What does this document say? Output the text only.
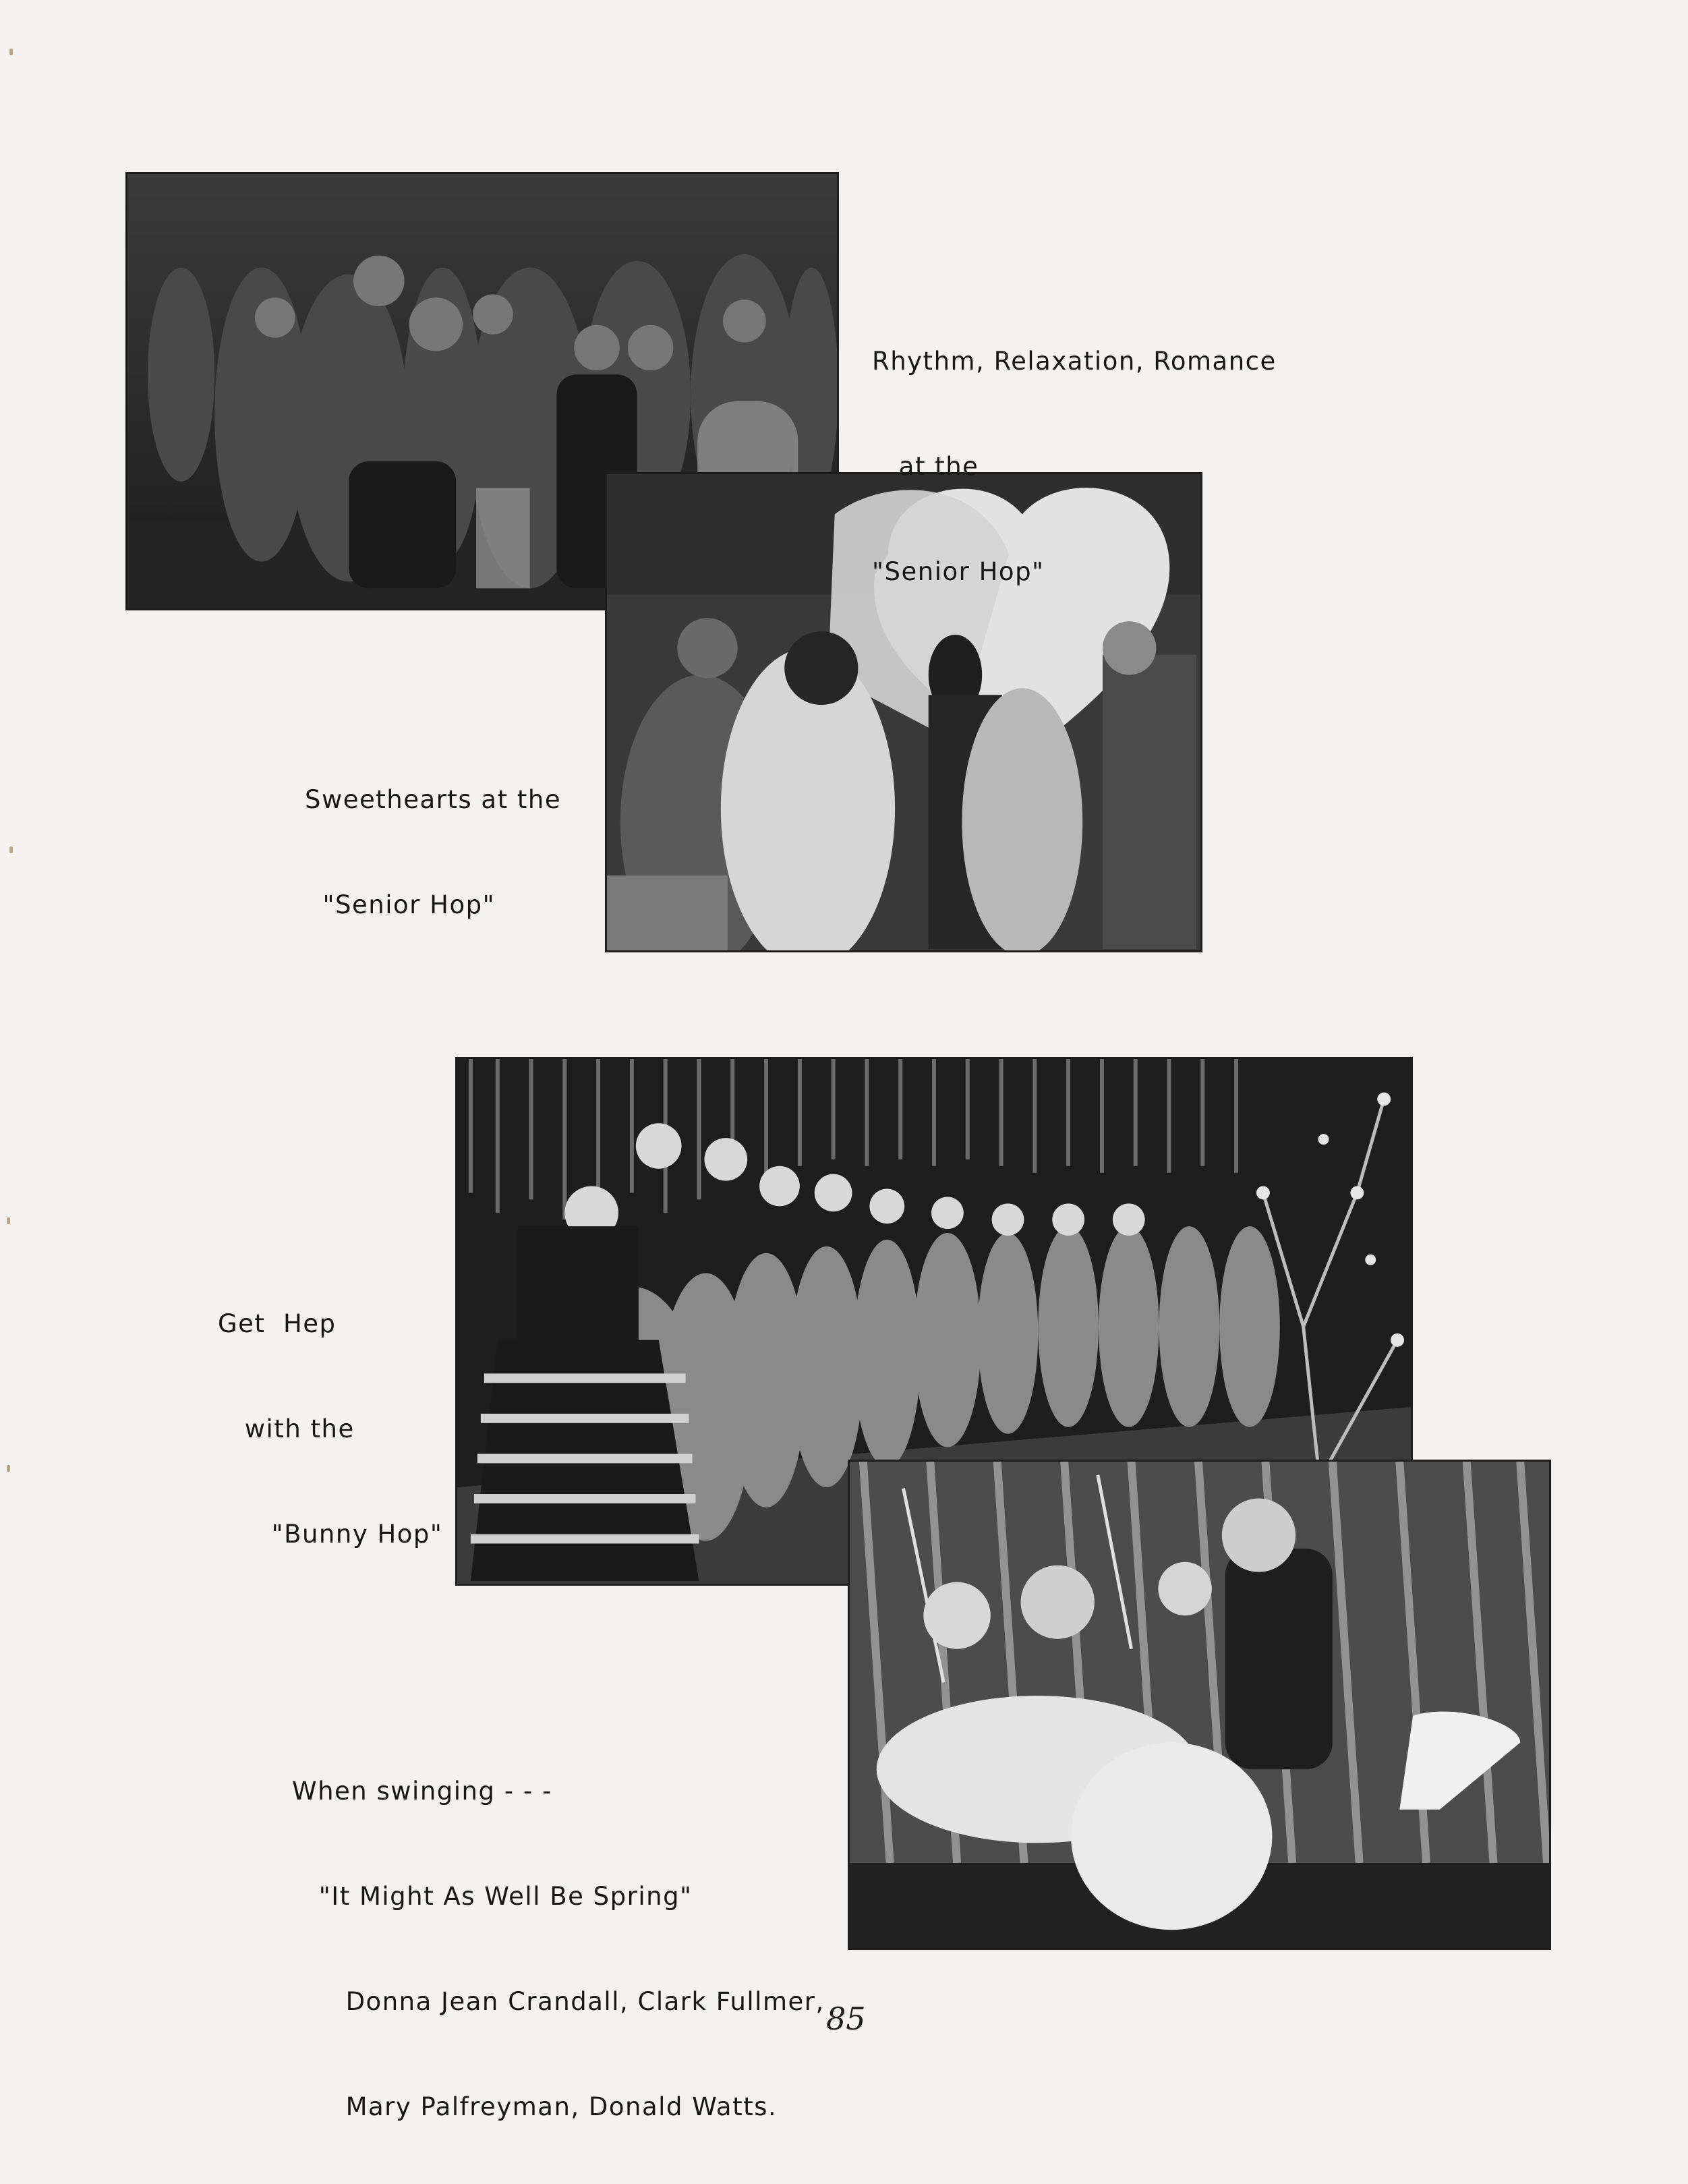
Rhythm, Relaxation, Romance

at the

"Senior Hop"

Sweethearts at the

"Senior Hop"

Get  Hep

with the

"Bunny Hop"

When swinging - - -

"It Might As Well Be Spring"

Donna Jean Crandall, Clark Fullmer,

Mary Palfreyman, Donald Watts.

85
